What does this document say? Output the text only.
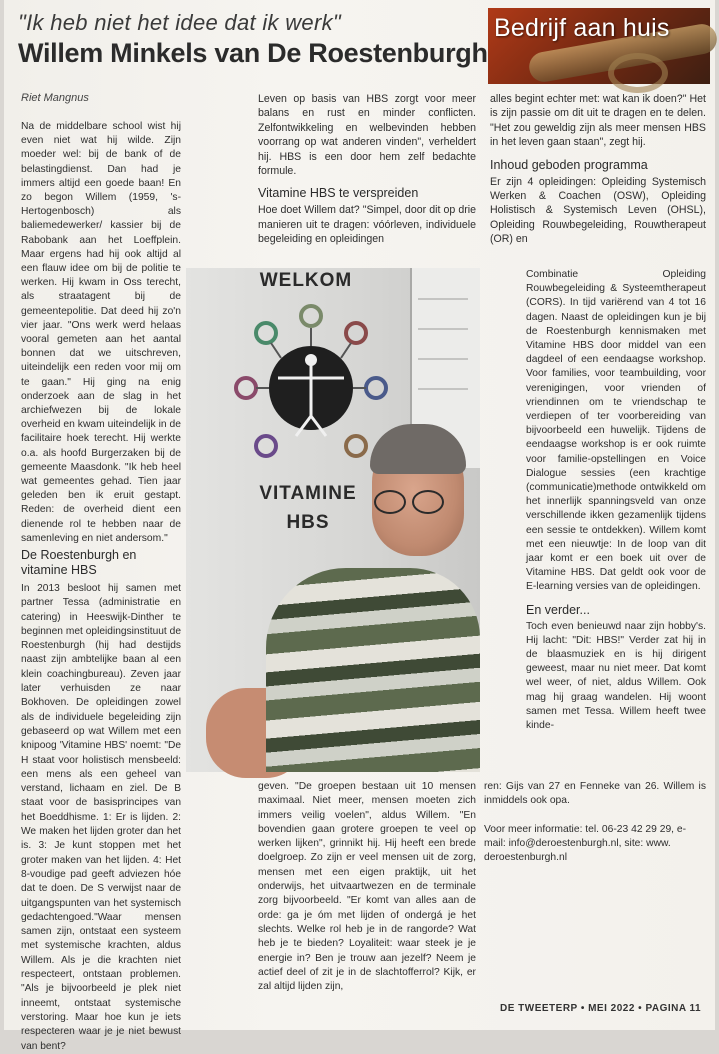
"Ik heb niet het idee dat ik werk"
Willem Minkels van De Roestenburgh
Bedrijf aan huis
Riet Mangnus

Na de middelbare school wist hij even niet wat hij wilde. Zijn moeder wel: bij de bank of de belastingdienst. Dan had je immers altijd een goede baan! En zo begon Willem (1959, 's-Hertogenbosch) als baliemedewerker/ kassier bij de Rabobank aan het Loeffplein. Maar ergens had hij ook altijd al een flauw idee om bij de politie te werken. Hij kwam in Oss terecht, als straatagent bij de gemeentepolitie. Dat deed hij zo'n vier jaar. "Ons werk werd helaas vooral gemeten aan het aantal bonnen dat we uitschreven, uiteindelijk een reden voor mij om te gaan." Hij ging na enig onderzoek aan de slag in het archiefwezen bij de lokale overheid en kwam uiteindelijk in de facilitaire hoek terecht. Hij werkte o.a. als hoofd Burgerzaken bij de gemeente Maasdonk. "Ik heb heel wat gemeentes gehad. Tien jaar geleden ben ik eruit gestapt. Reden: de overheid dient een dienende rol te hebben naar de samenleving en niet andersom."

De Roestenburgh en vitamine HBS
In 2013 besloot hij samen met partner Tessa (administratie en catering) in Heeswijk-Dinther te beginnen met opleidingsinstituut de Roestenburgh (hij had destijds naast zijn ambtelijke baan al een klein coachingbureau). Zeven jaar later verhuisden ze naar Bokhoven. De opleidingen zowel als de individuele begeleiding zijn gebaseerd op wat Willem met een knipoog 'Vitamine HBS' noemt: "De H staat voor holistisch mensbeeld: een mens als een geheel van verstand, lichaam en ziel. De B staat voor de basisprincipes van het Boeddhisme. 1: Er is lijden. 2: We maken het lijden groter dan het is. 3: Je kunt stoppen met het groter maken van het lijden. 4: Het 8-voudige pad geeft adviezen hóe dat te doen. De S verwijst naar de uitgangspunten van het systemisch gedachtengoed."Waar mensen samen zijn, ontstaat een systeem met systemische krachten, aldus Willem. Als je die krachten niet respecteert, ontstaan problemen. "Als je bijvoorbeeld je plek niet inneemt, ontstaat systemische verstoring. Maar hoe kun je iets respecteren waar je je niet bewust van bent?

Leven op basis van HBS zorgt voor meer balans en rust en minder conflicten. Zelfontwikkeling en welbevinden hebben voorrang op wat anderen vinden", verheldert hij. HBS is een door hem zelf bedachte formule.

Vitamine HBS te verspreiden

Hoe doet Willem dat? "Simpel, door dit op drie manieren uit te dragen: vóórleven, individuele begeleiding en opleidingen

WELKOM
VITAMINE
HBS

geven. "De groepen bestaan uit 10 mensen maximaal. Niet meer, mensen moeten zich immers veilig voelen", aldus Willem. "En bovendien gaan grotere groepen te veel op werken lijken", grinnikt hij. Hij heeft een brede doelgroep. Zo zijn er veel mensen uit de zorg, mensen met een eigen praktijk, uit het onderwijs, het uitvaartwezen en de terminale zorg bijvoorbeeld. "Er komt van alles aan de orde: ga je óm met lijden of ondergá je het slechts. Welke rol heb je in de rangorde? Wat heb je te bieden? Loyaliteit: waar steek je je energie in? Ben je trouw aan jezelf? Neem je actief deel of zit je in de slachtofferrol? Kijk, er zal altijd lijden zijn,

alles begint echter met: wat kan ik doen?" Het is zijn passie om dit uit te dragen en te delen. "Het zou geweldig zijn als meer mensen HBS in het leven gaan staan", zegt hij.

Inhoud geboden programma

Er zijn 4 opleidingen: Opleiding Systemisch Werken & Coachen (OSW), Opleiding Holistisch & Systemisch Leven (OHSL), Opleiding Rouwbegeleiding, Rouwtherapeut (OR) en

Combinatie Opleiding Rouwbegeleiding & Systeemtherapeut (CORS). In tijd variërend van 4 tot 16 dagen. Naast de opleidingen kun je bij de Roestenburgh kennismaken met Vitamine HBS door middel van een dagdeel of een eendaagse workshop. Voor families, voor teambuilding, voor verenigingen, voor vrienden of vriendinnen om te vriendschap te verdiepen of ter voorbereiding van bijvoorbeeld een huwelijk. Tijdens de eendaagse workshop is er ook ruimte voor familie-opstellingen en Voice Dialogue sessies (een krachtige (communicatie)methode ontwikkeld om het innerlijk spanningsveld van onze verschillende ikken gezamenlijk tijdens een sessie te ontdekken). Willem komt met een nieuwtje: In de loop van dit jaar komt er een boek uit over de Vitamine HBS. Dat geldt ook voor de E-learning versies van de opleidingen.

En verder...

Toch even benieuwd naar zijn hobby's. Hij lacht: "Dit: HBS!" Verder zat hij in de blaasmuziek en is hij dirigent geweest, maar nu niet meer. Dat komt wel weer, of niet, aldus Willem. Ook mag hij graag wandelen. Hij woont samen met Tessa. Willem heeft twee kinde-

ren: Gijs van 27 en Fenneke van 26. Willem is inmiddels ook opa.

Voor meer informatie: tel. 06-23 42 29 29, e-mail: info@deroestenburgh.nl, site: www. deroestenburgh.nl

DE TWEETERP • MEI 2022 • PAGINA 11
